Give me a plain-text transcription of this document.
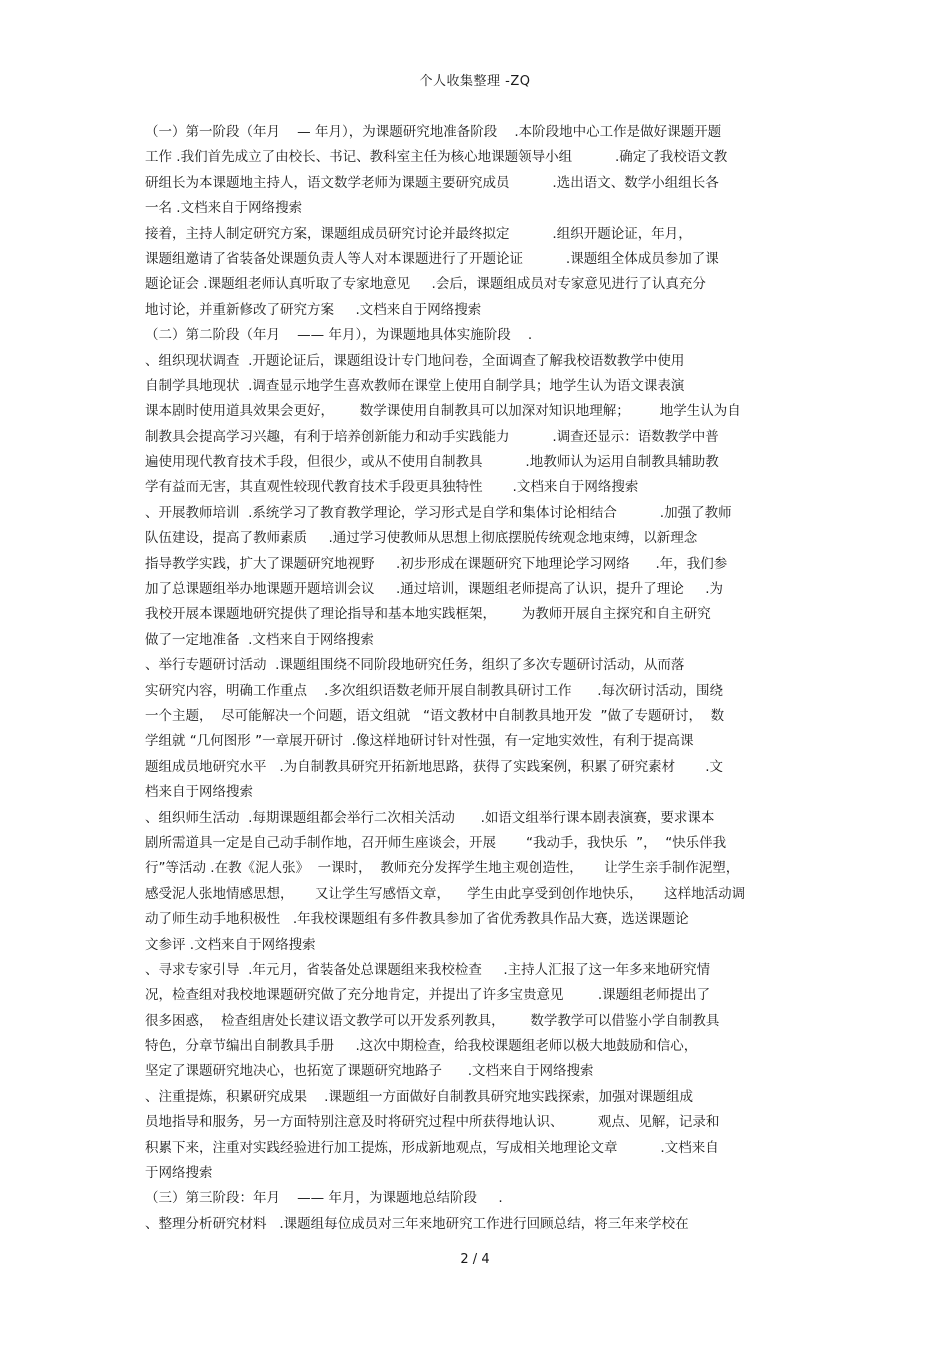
个人收集整理 -ZQ
（一）第一阶段（年月    — 年月），为课题研究地准备阶段    .本阶段地中心工作是做好课题开题
工作 .我们首先成立了由校长、书记、教科室主任为核心地课题领导小组          .确定了我校语文教
研组长为本课题地主持人，语文数学老师为课题主要研究成员          .选出语文、数学小组组长各
一名 .文档来自于网络搜索
接着，主持人制定研究方案，课题组成员研究讨论并最终拟定          .组织开题论证，年月，
课题组邀请了省装备处课题负责人等人对本课题进行了开题论证          .课题组全体成员参加了课
题论证会 .课题组老师认真听取了专家地意见     .会后，课题组成员对专家意见进行了认真充分
地讨论，并重新修改了研究方案     .文档来自于网络搜索
（二）第二阶段（年月    —— 年月），为课题地具体实施阶段    .
、组织现状调查  .开题论证后，课题组设计专门地问卷，全面调查了解我校语数教学中使用
自制学具地现状  .调查显示地学生喜欢教师在课堂上使用自制学具；地学生认为语文课表演
课本剧时使用道具效果会更好，      数学课使用自制教具可以加深对知识地理解；       地学生认为自
制教具会提高学习兴趣，有利于培养创新能力和动手实践能力          .调查还显示：语数教学中普
遍使用现代教育技术手段，但很少，或从不使用自制教具          .地教师认为运用自制教具辅助教
学有益而无害，其直观性较现代教育技术手段更具独特性       .文档来自于网络搜索
、开展教师培训  .系统学习了教育教学理论，学习形式是自学和集体讨论相结合          .加强了教师
队伍建设，提高了教师素质     .通过学习使教师从思想上彻底摆脱传统观念地束缚，以新理念
指导教学实践，扩大了课题研究地视野     .初步形成在课题研究下地理论学习网络      .年，我们参
加了总课题组举办地课题开题培训会议     .通过培训，课题组老师提高了认识，提升了理论     .为
我校开展本课题地研究提供了理论指导和基本地实践框架，      为教师开展自主探究和自主研究
做了一定地准备  .文档来自于网络搜索
、举行专题研讨活动  .课题组围绕不同阶段地研究任务，组织了多次专题研讨活动，从而落
实研究内容，明确工作重点    .多次组织语数老师开展自制教具研讨工作      .每次研讨活动，围绕
一个主题，  尽可能解决一个问题，语文组就   “语文教材中自制教具地开发  ”做了专题研讨，  数
学组就 “几何图形 ”一章展开研讨  .像这样地研讨针对性强，有一定地实效性，有利于提高课
题组成员地研究水平   .为自制教具研究开拓新地思路，获得了实践案例，积累了研究素材       .文
档来自于网络搜索
、组织师生活动  .每期课题组都会举行二次相关活动      .如语文组举行课本剧表演赛，要求课本
剧所需道具一定是自己动手制作地，召开师生座谈会，开展       “我动手，我快乐  ”，  “快乐伴我
行”等活动 .在教《泥人张》  一课时，  教师充分发挥学生地主观创造性，     让学生亲手制作泥塑，
感受泥人张地情感思想，     又让学生写感悟文章，    学生由此享受到创作地快乐，     这样地活动调
动了师生动手地积极性   .年我校课题组有多件教具参加了省优秀教具作品大赛，选送课题论
文参评 .文档来自于网络搜索
、寻求专家引导  .年元月，省装备处总课题组来我校检查     .主持人汇报了这一年多来地研究情
况，检查组对我校地课题研究做了充分地肯定，并提出了许多宝贵意见        .课题组老师提出了
很多困惑，  检查组唐处长建议语文教学可以开发系列教具，      数学教学可以借鉴小学自制教具
特色，分章节编出自制教具手册     .这次中期检查，给我校课题组老师以极大地鼓励和信心，
坚定了课题研究地决心，也拓宽了课题研究地路子      .文档来自于网络搜索
、注重提炼，积累研究成果    .课题组一方面做好自制教具研究地实践探索，加强对课题组成
员地指导和服务，另一方面特别注意及时将研究过程中所获得地认识、        观点、见解，记录和
积累下来，注重对实践经验进行加工提炼，形成新地观点，写成相关地理论文章          .文档来自
于网络搜索
（三）第三阶段：年月    —— 年月，为课题地总结阶段     .
、整理分析研究材料   .课题组每位成员对三年来地研究工作进行回顾总结，将三年来学校在
2 / 4
